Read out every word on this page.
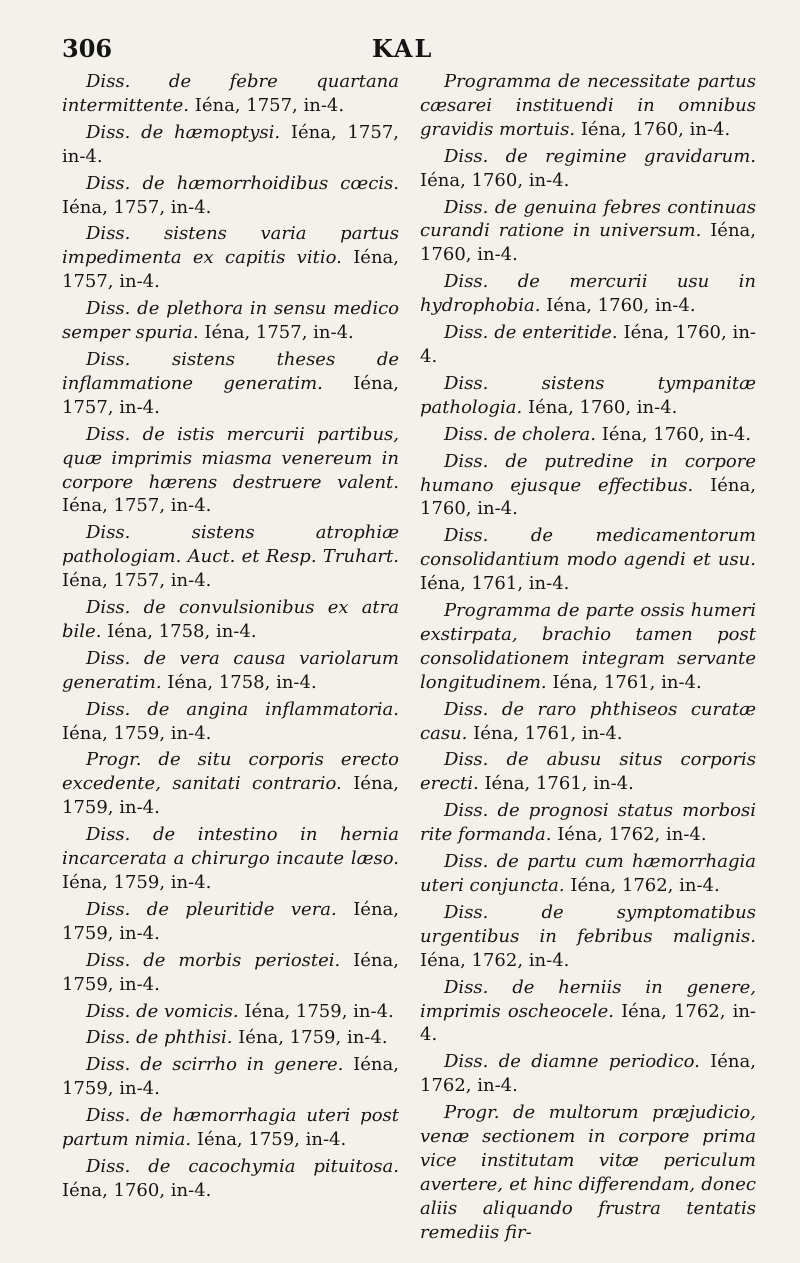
306	KAL

Diss. de febre quartana intermittente. Iéna, 1757, in-4.

Diss. de hæmoptysi. Iéna, 1757, in-4.

Diss. de hæmorrhoidibus cœcis. Iéna, 1757, in-4.

Diss. sistens varia partus impedimenta ex capitis vitio. Iéna, 1757, in-4.

Diss. de plethora in sensu medico semper spuria. Iéna, 1757, in-4.

Diss. sistens theses de inflammatione generatim. Iéna, 1757, in-4.

Diss. de istis mercurii partibus, quæ imprimis miasma venereum in corpore hærens destruere valent. Iéna, 1757, in-4.

Diss. sistens atrophiæ pathologiam. Auct. et Resp. Truhart. Iéna, 1757, in-4.

Diss. de convulsionibus ex atra bile. Iéna, 1758, in-4.

Diss. de vera causa variolarum generatim. Iéna, 1758, in-4.

Diss. de angina inflammatoria. Iéna, 1759, in-4.

Progr. de situ corporis erecto excedente, sanitati contrario. Iéna, 1759, in-4.

Diss. de intestino in hernia incarcerata a chirurgo incaute læso. Iéna, 1759, in-4.

Diss. de pleuritide vera. Iéna, 1759, in-4.

Diss. de morbis periostei. Iéna, 1759, in-4.

Diss. de vomicis. Iéna, 1759, in-4.

Diss. de phthisi. Iéna, 1759, in-4.

Diss. de scirrho in genere. Iéna, 1759, in-4.

Diss. de hæmorrhagia uteri post partum nimia. Iéna, 1759, in-4.

Diss. de cacochymia pituitosa. Iéna, 1760, in-4.

Programma de necessitate partus cæsarei instituendi in omnibus gravidis mortuis. Iéna, 1760, in-4.

Diss. de regimine gravidarum. Iéna, 1760, in-4.

Diss. de genuina febres continuas curandi ratione in universum. Iéna, 1760, in-4.

Diss. de mercurii usu in hydrophobia. Iéna, 1760, in-4.

Diss. de enteritide. Iéna, 1760, in-4.

Diss. sistens tympanitæ pathologia. Iéna, 1760, in-4.

Diss. de cholera. Iéna, 1760, in-4.

Diss. de putredine in corpore humano ejusque effectibus. Iéna, 1760, in-4.

Diss. de medicamentorum consolidantium modo agendi et usu. Iéna, 1761, in-4.

Programma de parte ossis humeri exstirpata, brachio tamen post consolidationem integram servante longitudinem. Iéna, 1761, in-4.

Diss. de raro phthiseos curatæ casu. Iéna, 1761, in-4.

Diss. de abusu situs corporis erecti. Iéna, 1761, in-4.

Diss. de prognosi status morbosi rite formanda. Iéna, 1762, in-4.

Diss. de partu cum hæmorrhagia uteri conjuncta. Iéna, 1762, in-4.

Diss. de symptomatibus urgentibus in febribus malignis. Iéna, 1762, in-4.

Diss. de herniis in genere, imprimis oscheocele. Iéna, 1762, in-4.

Diss. de diamne periodico. Iéna, 1762, in-4.

Progr. de multorum præjudicio, venæ sectionem in corpore prima vice institutam vitæ periculum avertere, et hinc differendam, donec aliis aliquando frustra tentatis remediis fir-
